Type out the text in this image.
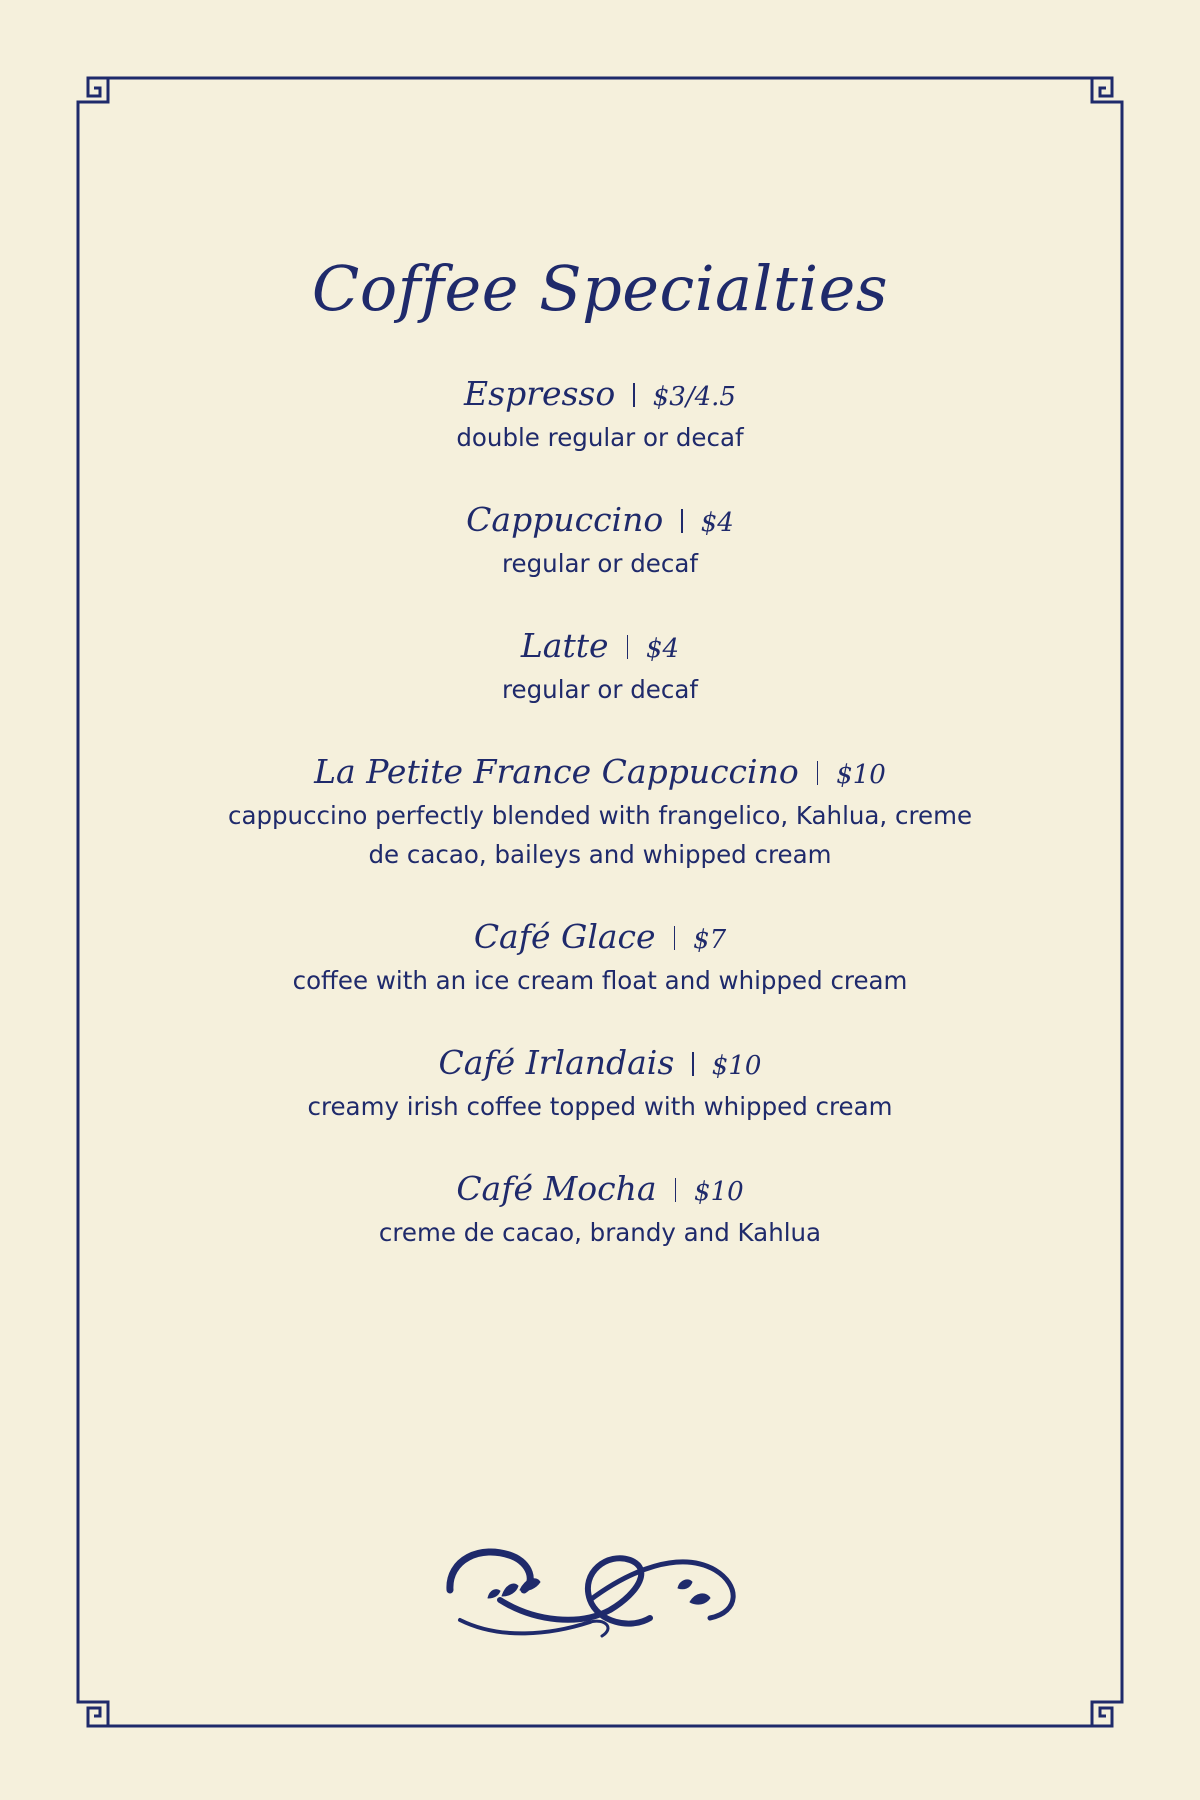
Coffee Specialties
Espresso $3/4.5
double regular or decaf
Cappuccino $4
regular or decaf
Latte $4
regular or decaf
La Petite France Cappuccino $10
cappuccino perfectly blended with frangelico, Kahlua, creme de cacao, baileys and whipped cream
Café Glace $7
coffee with an ice cream float and whipped cream
Café Irlandais $10
creamy irish coffee topped with whipped cream
Café Mocha $10
creme de cacao, brandy and Kahlua
